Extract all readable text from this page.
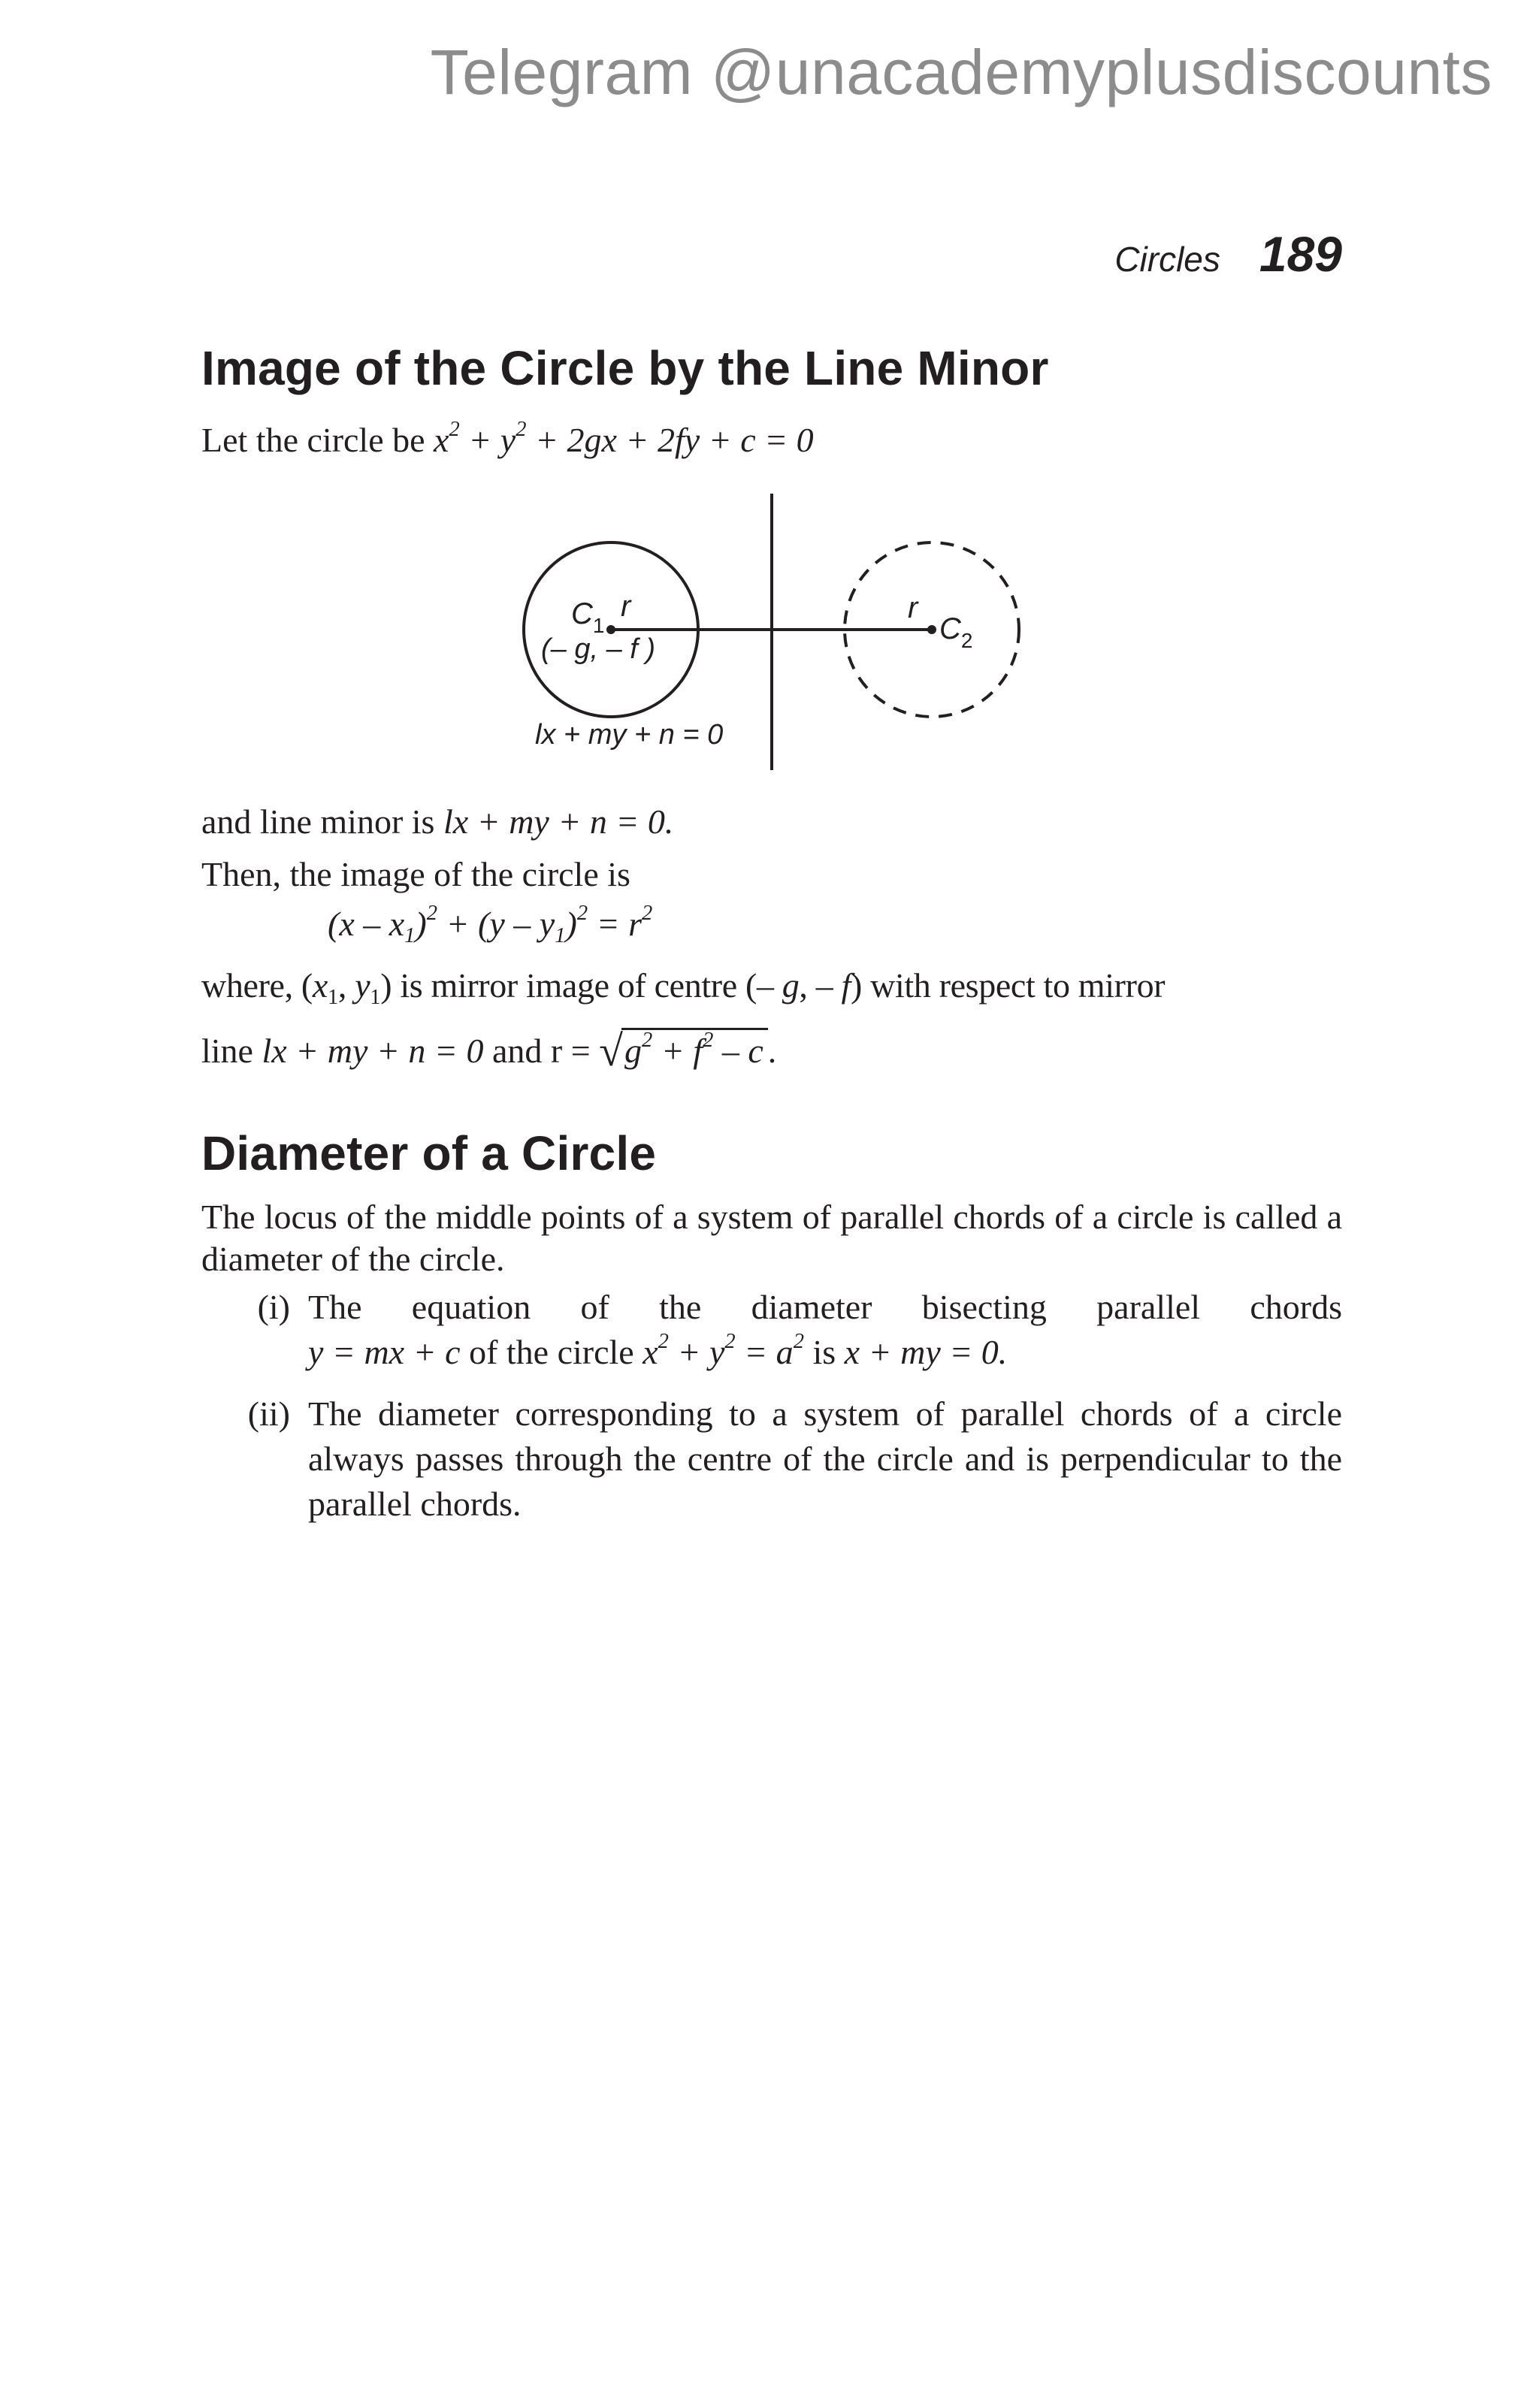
Telegram @unacademyplusdiscounts
Circles 189
Image of the Circle by the Line Minor

Let the circle be $x^2 + y^2 + 2gx + 2fy + c = 0$

$C_1$
r
(– g, – f )
r
$C_2$
lx + my + n = 0

and line minor is lx + my + n = 0.

Then, the image of the circle is

$(x - x_1)^2 + (y - y_1)^2 = r^2$

where, ($x_1$, $y_1$) is mirror image of centre (– g, – f) with respect to mirror

line lx + my + n = 0 and $r = √g^2 + f^2 - c$ .

Diameter of a Circle

The locus of the middle points of a system of parallel chords of a circle is called a diameter of the circle.

(i) The equation of the diameter bisecting parallel chords

y = mx + c of the circle $x^2 + y^2 = a^2$ is x + my = 0.

(ii) The diameter corresponding to a system of parallel chords of a circle always passes through the centre of the circle and is perpendicular to the parallel chords.
